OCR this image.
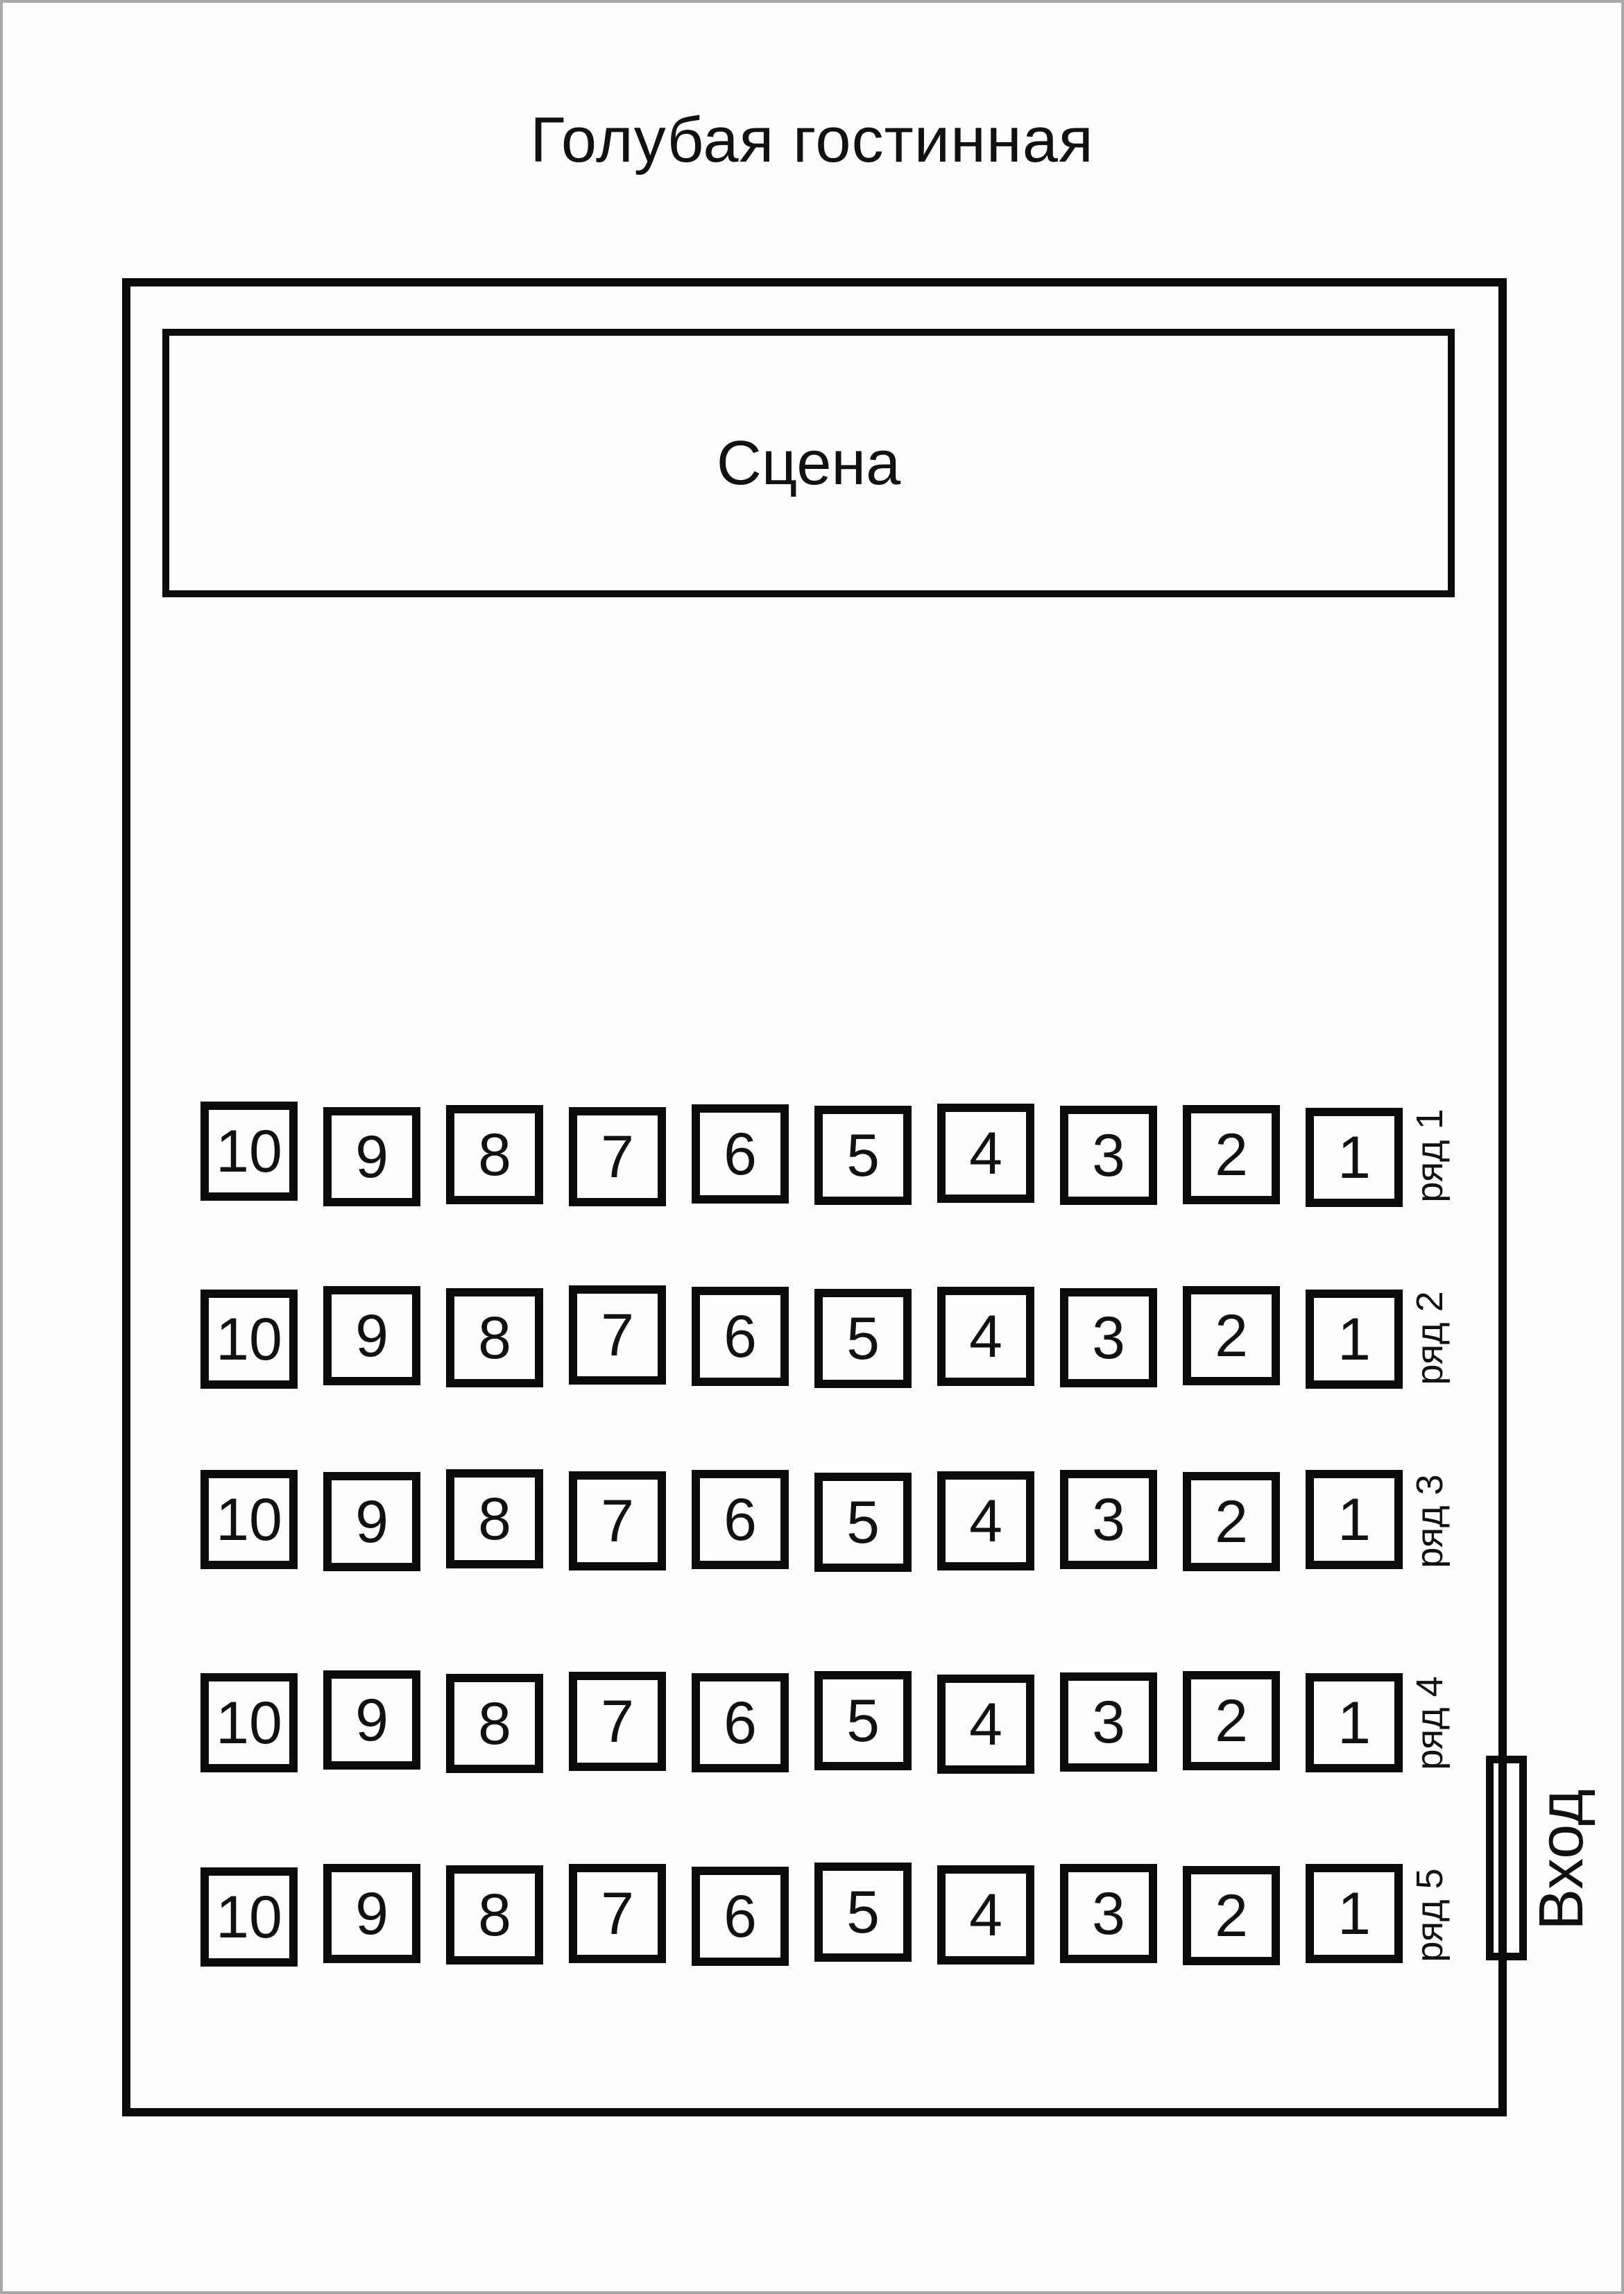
Голубая гостинная
Сцена
10	9	8	7	6	5	4	3	2	1	ряд 1
10	9	8	7	6	5	4	3	2	1	ряд 2
10	9	8	7	6	5	4	3	2	1	ряд 3
10	9	8	7	6	5	4	3	2	1	ряд 4
10	9	8	7	6	5	4	3	2	1	ряд 5 Вход
